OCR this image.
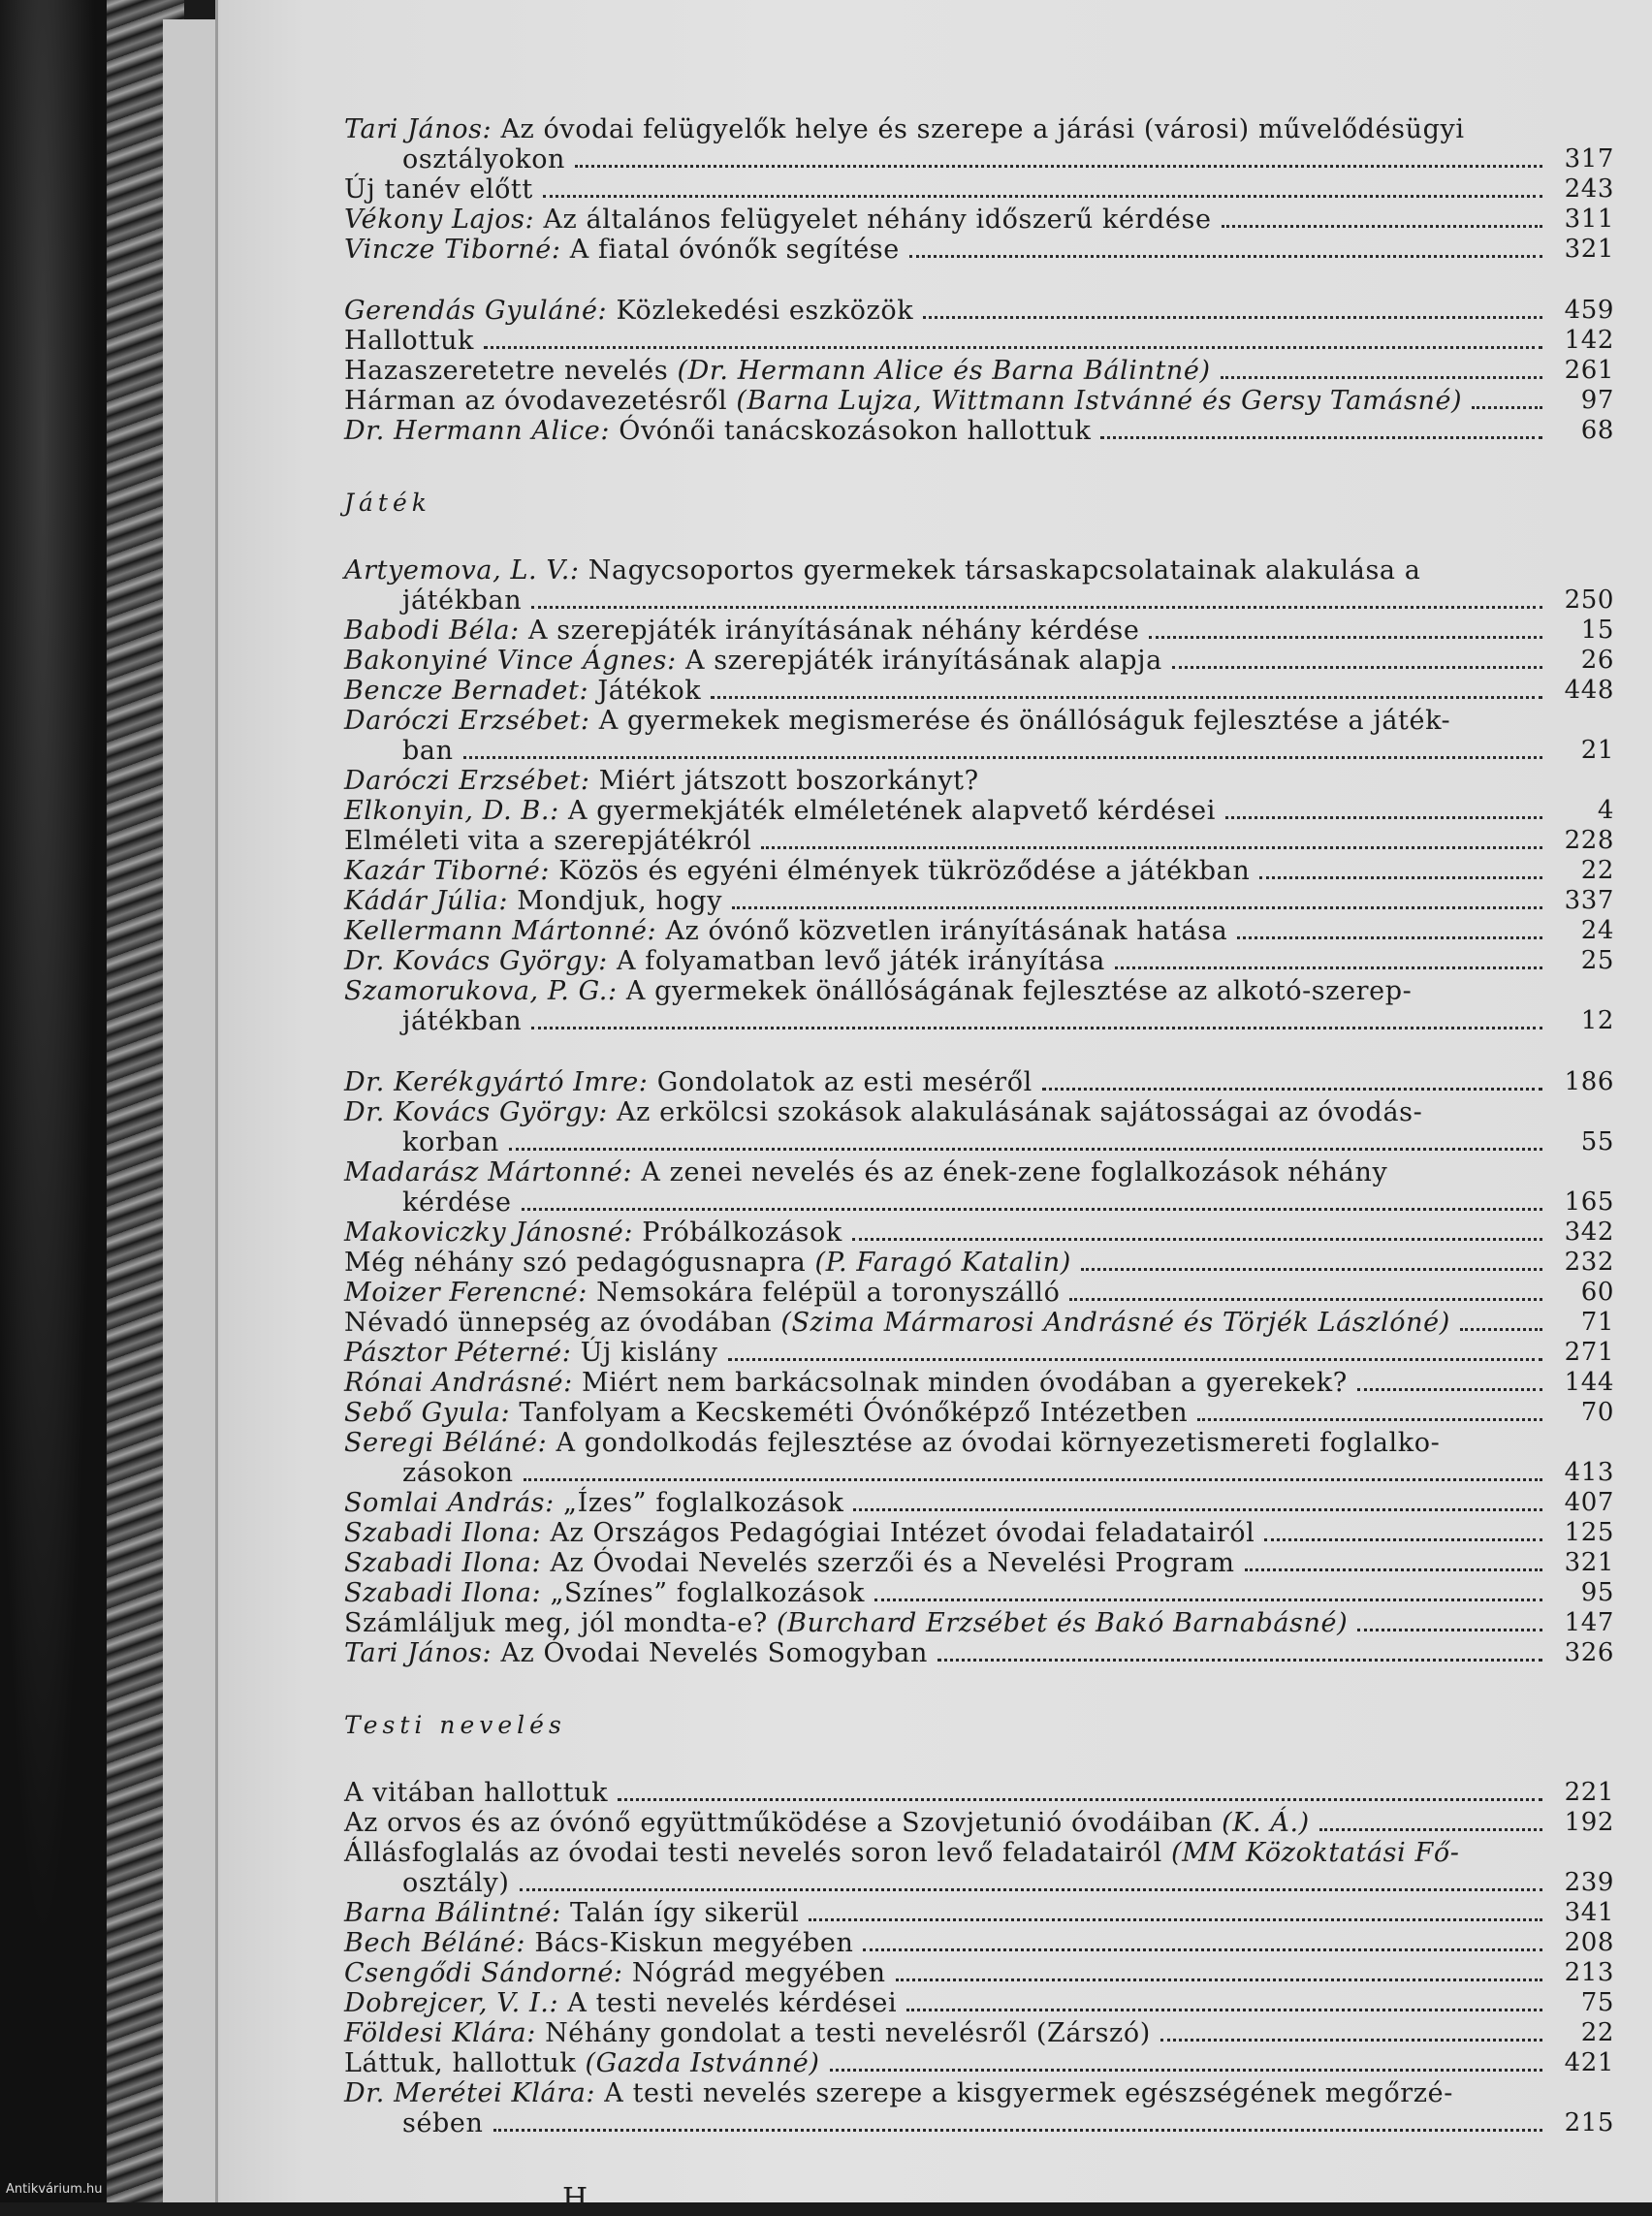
Tari János: Az óvodai felügyelők helye és szerepe a járási (városi) művelődésügyi
osztályokon	317
Új tanév előtt	243
Vékony Lajos: Az általános felügyelet néhány időszerű kérdése	311
Vincze Tiborné: A fiatal óvónők segítése	321
Gerendás Gyuláné: Közlekedési eszközök	459
Hallottuk	142
Hazaszeretetre nevelés (Dr. Hermann Alice és Barna Bálintné)	261
Hárman az óvodavezetésről (Barna Lujza, Wittmann Istvánné és Gersy Tamásné)	97
Dr. Hermann Alice: Óvónői tanácskozásokon hallottuk	68
Játék
Artyemova, L. V.: Nagycsoportos gyermekek társaskapcsolatainak alakulása a
játékban	250
Babodi Béla: A szerepjáték irányításának néhány kérdése	15
Bakonyiné Vince Ágnes: A szerepjáték irányításának alapja	26
Bencze Bernadet: Játékok	448
Daróczi Erzsébet: A gyermekek megismerése és önállóságuk fejlesztése a játék-
ban	21
Daróczi Erzsébet: Miért játszott boszorkányt?
Elkonyin, D. B.: A gyermekjáték elméletének alapvető kérdései	4
Elméleti vita a szerepjátékról	228
Kazár Tiborné: Közös és egyéni élmények tükröződése a játékban	22
Kádár Júlia: Mondjuk, hogy	337
Kellermann Mártonné: Az óvónő közvetlen irányításának hatása	24
Dr. Kovács György: A folyamatban levő játék irányítása	25
Szamorukova, P. G.: A gyermekek önállóságának fejlesztése az alkotó-szerep-
játékban	12
Dr. Kerékgyártó Imre: Gondolatok az esti meséről	186
Dr. Kovács György: Az erkölcsi szokások alakulásának sajátosságai az óvodás-
korban	55
Madarász Mártonné: A zenei nevelés és az ének-zene foglalkozások néhány
kérdése	165
Makoviczky Jánosné: Próbálkozások	342
Még néhány szó pedagógusnapra (P. Faragó Katalin)	232
Moizer Ferencné: Nemsokára felépül a toronyszálló	60
Névadó ünnepség az óvodában (Szima Mármarosi Andrásné és Törjék Lászlóné)	71
Pásztor Péterné: Új kislány	271
Rónai Andrásné: Miért nem barkácsolnak minden óvodában a gyerekek?	144
Sebő Gyula: Tanfolyam a Kecskeméti Óvónőképző Intézetben	70
Seregi Béláné: A gondolkodás fejlesztése az óvodai környezetismereti foglalko-
zásokon	413
Somlai András: „Ízes” foglalkozások	407
Szabadi Ilona: Az Országos Pedagógiai Intézet óvodai feladatairól	125
Szabadi Ilona: Az Óvodai Nevelés szerzői és a Nevelési Program	321
Szabadi Ilona: „Színes” foglalkozások	95
Számláljuk meg, jól mondta-e? (Burchard Erzsébet és Bakó Barnabásné)	147
Tari János: Az Óvodai Nevelés Somogyban	326
Testi nevelés
A vitában hallottuk	221
Az orvos és az óvónő együttműködése a Szovjetunió óvodáiban (K. Á.)	192
Állásfoglalás az óvodai testi nevelés soron levő feladatairól (MM Közoktatási Fő-
osztály)	239
Barna Bálintné: Talán így sikerül	341
Bech Béláné: Bács-Kiskun megyében	208
Csengődi Sándorné: Nógrád megyében	213
Dobrejcer, V. I.: A testi nevelés kérdései	75
Földesi Klára: Néhány gondolat a testi nevelésről (Zárszó)	22
Láttuk, hallottuk (Gazda Istvánné)	421
Dr. Merétei Klára: A testi nevelés szerepe a kisgyermek egészségének megőrzé-
sében	215
H
Antikvárium.hu
